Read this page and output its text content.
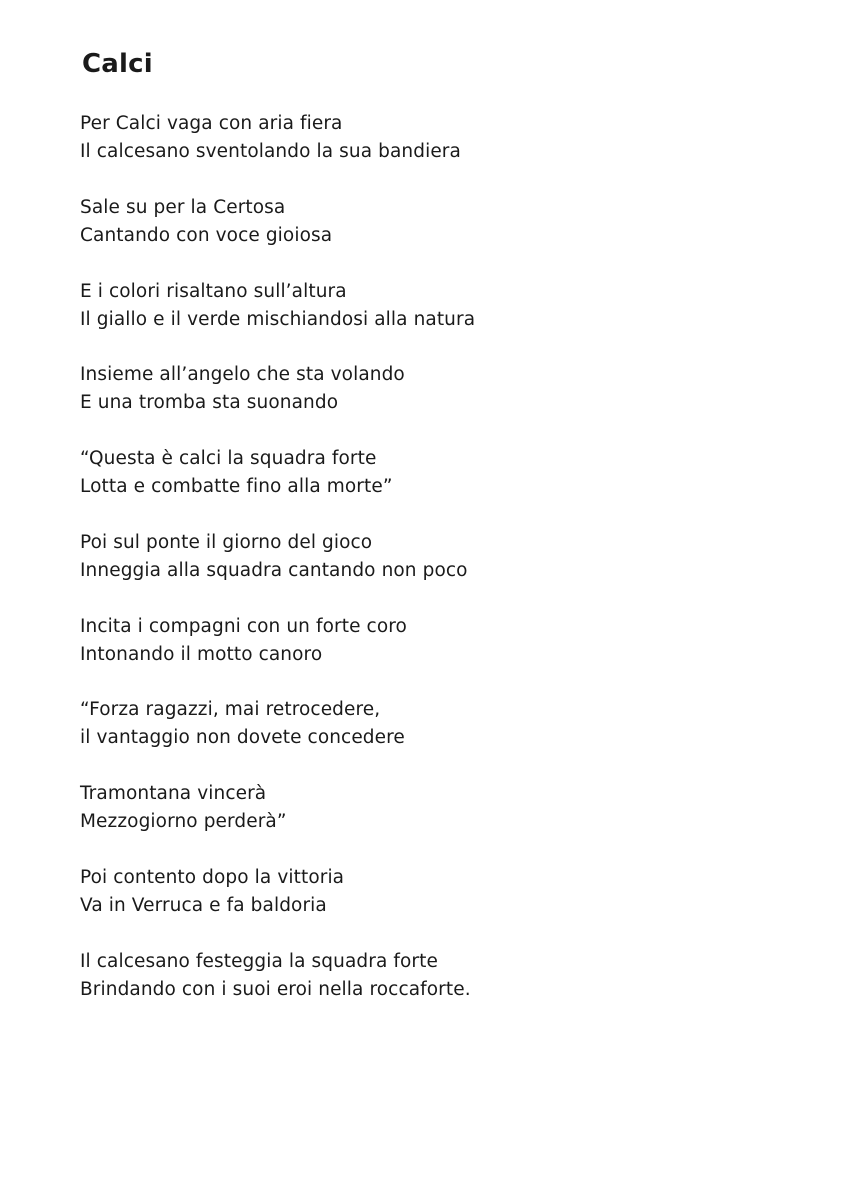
Calci

Per Calci vaga con aria fiera
Il calcesano sventolando la sua bandiera

Sale su per la Certosa
Cantando con voce gioiosa

E i colori risaltano sull’altura
Il giallo e il verde mischiandosi alla natura

Insieme all’angelo che sta volando
E una tromba sta suonando

“Questa è calci la squadra forte
Lotta e combatte fino alla morte”

Poi sul ponte il giorno del gioco
Inneggia alla squadra cantando non poco

Incita i compagni con un forte coro
Intonando il motto canoro

“Forza ragazzi, mai retrocedere,
il vantaggio non dovete concedere

Tramontana vincerà
Mezzogiorno perderà”

Poi contento dopo la vittoria
Va in Verruca e fa baldoria

Il calcesano festeggia la squadra forte
Brindando con i suoi eroi nella roccaforte.
